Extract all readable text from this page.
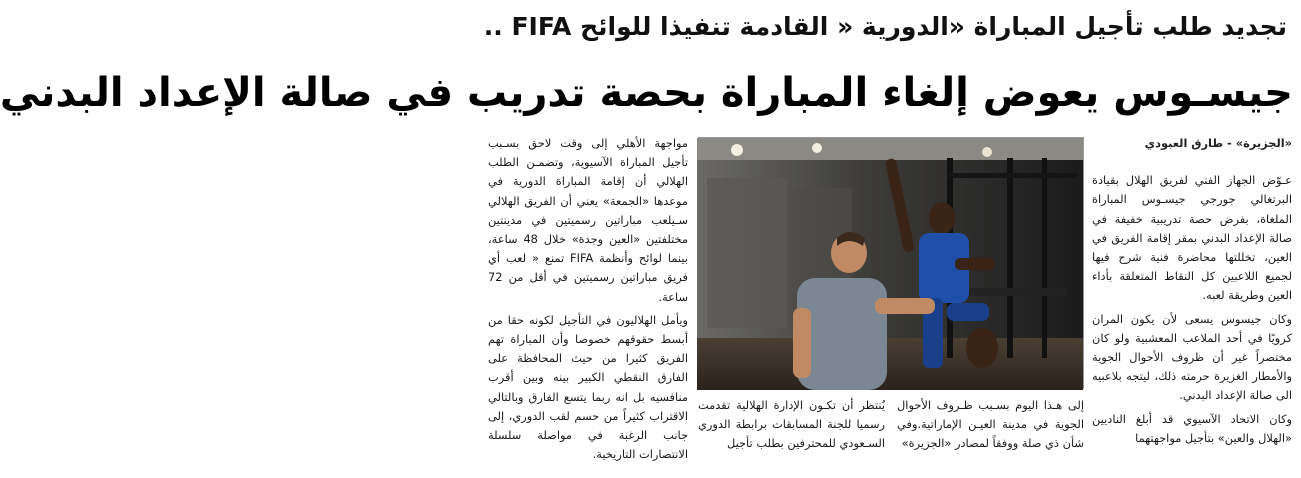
تجديد طلب تأجيل المباراة «الدورية « القادمة تنفيذا للوائح FIFA ..
جيسـوس يعوض إلغاء المباراة بحصة تدريب في صالة الإعداد البدني
«الجزيرة» - طارق العبودي

عـوّض الجهاز الفني لفريق الهلال بقيادة البرتغالي جورجي جيسـوس المباراة الملغاة، بفرض حصة تدريبية خفيفة في صالة الإعداد البدني بمقر إقامة الفريق في العين، تخللتها محاضرة فنية شرح فيها لجميع اللاعبين كل النقاط المتعلقة بأداء العين وطريقة لعبه.

وكان جيسوس يسعى لأن يكون المران كرويًا في أحد الملاعب المعشبية ولو كان مختصراً غير أن ظروف الأحوال الجوية والأمطار الغزيرة حرمته ذلك، ليتجه بلاعبيه الى صالة الإعداد البدني.

وكان الاتحاد الآسيوي قد أبلغ الناديين «الهلال والعين» بتأجيل مواجهتهما

إلى هـذا اليوم بسـبب ظـروف الأحوال الجوية في مدينة العيـن الإماراتية.وفي شأن ذي صلة ووفقاً لمصادر «الجزيرة»
يُنتظر أن تكـون الإدارة الهلالية تقدمت رسميا للجنة المسابقات برابطة الدوري السـعودي للمحترفين بطلب تأجيل

مواجهة الأهلي إلى وقت لاحق بسـبب تأجيل المباراة الآسيوية، وتضمـن الطلب الهلالي أن إقامة المباراة الدورية في موعدها «الجمعة» يعني أن الفريق الهلالي سـيلعب مباراتين رسميتين في مدينتين مختلفتين «العين وجدة» خلال 48 ساعة، بينما لوائح وأنظمة FIFA تمنع « لعب أي فريق مباراتين رسميتين في أقل من 72 ساعة.

ويأمل الهلاليون في التأجيل لكونه حقا من أبسط حقوقهم خصوصا وأن المباراة تهم الفريق كثيرا من حيث المحافظة على الفارق النقطي الكبير بينه وبين أقرب منافسيه بل انه ربما يتسع الفارق وبالتالي الاقتراب كثيراً من حسم لقب الدوري، إلى جانب الرغبة في مواصلة سلسلة الانتصارات التاريخية.
